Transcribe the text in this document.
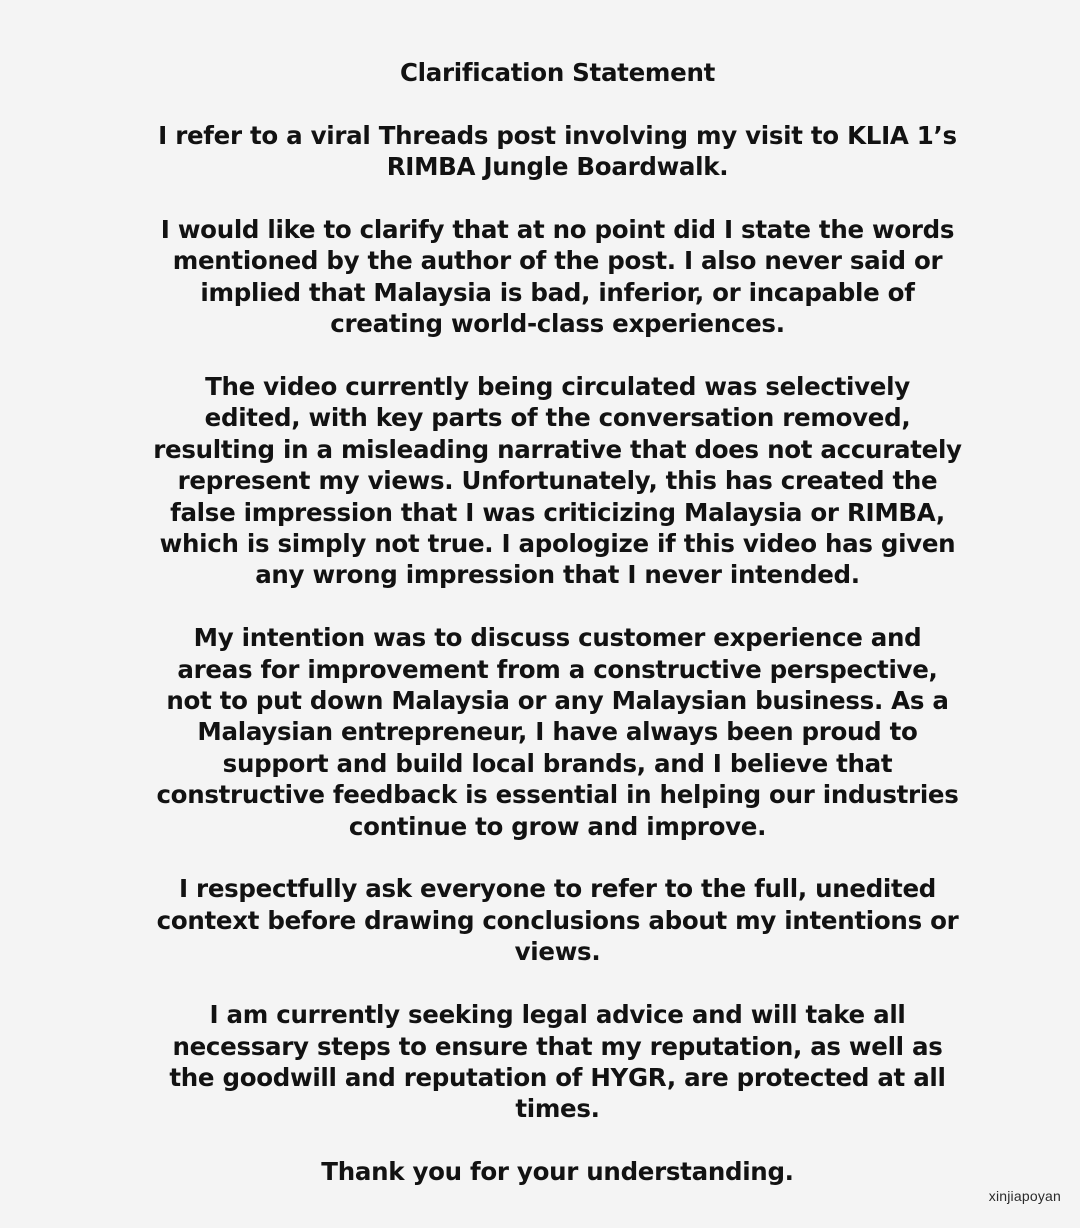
Clarification Statement

I refer to a viral Threads post involving my visit to KLIA 1’s
RIMBA Jungle Boardwalk.

I would like to clarify that at no point did I state the words
mentioned by the author of the post. I also never said or
implied that Malaysia is bad, inferior, or incapable of
creating world-class experiences.

The video currently being circulated was selectively
edited, with key parts of the conversation removed,
resulting in a misleading narrative that does not accurately
represent my views. Unfortunately, this has created the
false impression that I was criticizing Malaysia or RIMBA,
which is simply not true. I apologize if this video has given
any wrong impression that I never intended.

My intention was to discuss customer experience and
areas for improvement from a constructive perspective,
not to put down Malaysia or any Malaysian business. As a
Malaysian entrepreneur, I have always been proud to
support and build local brands, and I believe that
constructive feedback is essential in helping our industries
continue to grow and improve.

I respectfully ask everyone to refer to the full, unedited
context before drawing conclusions about my intentions or
views.

I am currently seeking legal advice and will take all
necessary steps to ensure that my reputation, as well as
the goodwill and reputation of HYGR, are protected at all
times.

Thank you for your understanding.

xinjiapoyan
